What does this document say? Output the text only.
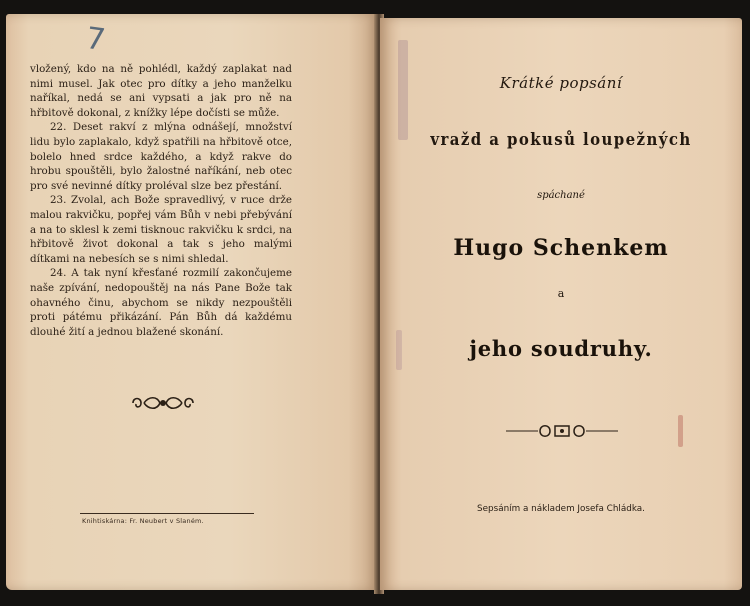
7

vložený, kdo na ně pohlédl, každý zaplakat nad nimi musel. Jak otec pro dítky a jeho manželku naříkal, nedá se ani vypsati a jak pro ně na hřbitově dokonal, z knížky lépe dočísti se může.

22. Deset rakví z mlýna odnášejí, množství lidu bylo zaplakalo, když spatřili na hřbitově otce, bolelo hned srdce každého, a když rakve do hrobu spouštěli, bylo žalostné naříkání, neb otec pro své nevinné dítky proléval slze bez přestání.

23. Zvolal, ach Bože spravedlivý, v ruce drže malou rakvičku, popřej vám Bůh v nebi přebývání a na to sklesl k zemi tisknouc rakvičku k srdci, na hřbitově život dokonal a tak s jeho malými dítkami na nebesích se s nimi shledal.

24. A tak nyní křesťané rozmilí zakončujeme naše zpívání, nedopouštěj na nás Pane Bože tak ohavného činu, abychom se nikdy nezpouštěli proti pátému přikázání. Pán Bůh dá každému dlouhé žití a jednou blažené skonání.

Knihtiskárna: Fr. Neubert v Slaném.
Krátké popsání
vražd a pokusů loupežných
spáchané
Hugo Schenkem
a
jeho soudruhy.
Sepsáním a nákladem Josefa Chládka.
